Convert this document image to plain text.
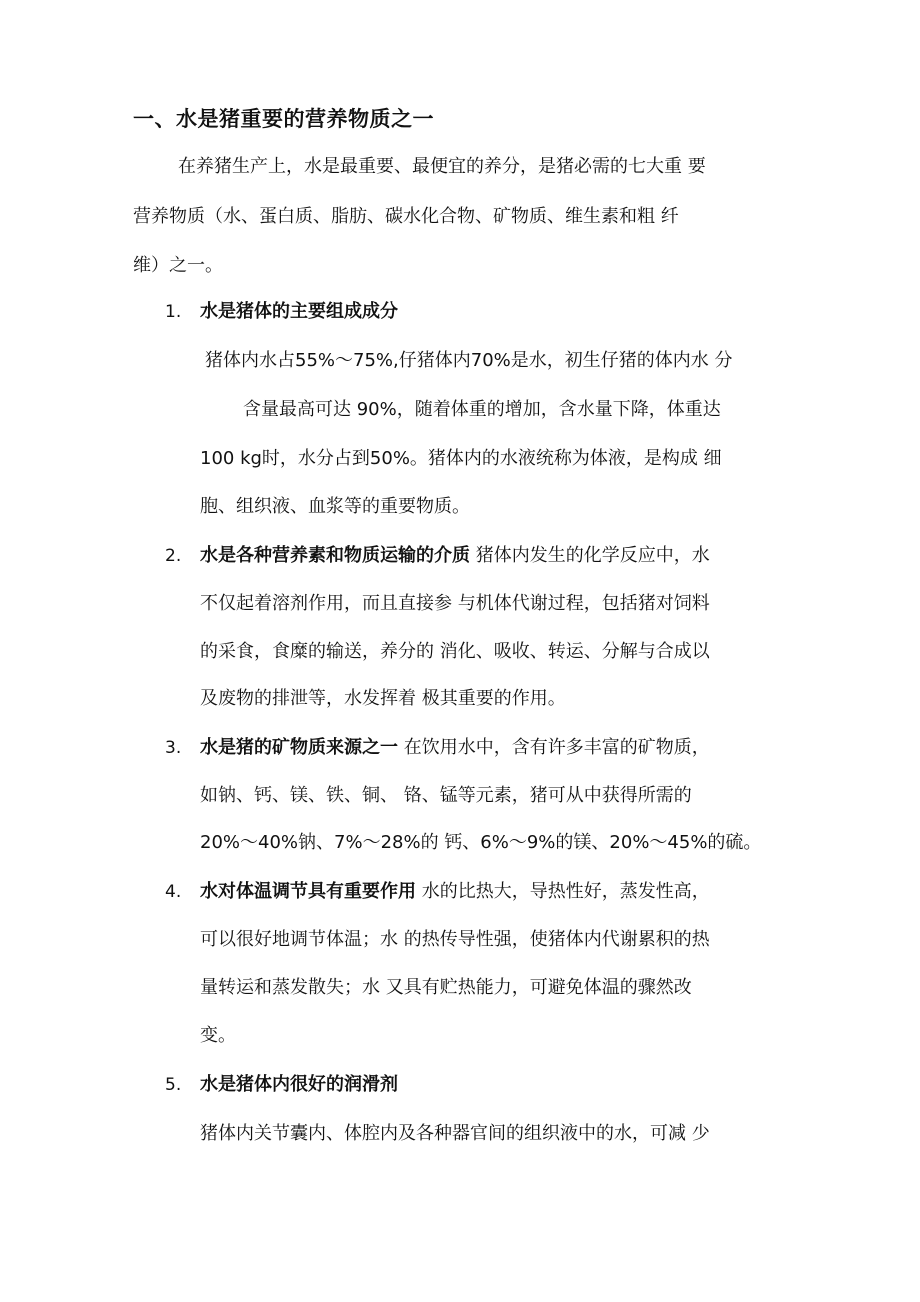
一、水是猪重要的营养物质之一
在养猪生产上，水是最重要、最便宜的养分，是猪必需的七大重 要
营养物质（水、蛋白质、脂肪、碳水化合物、矿物质、维生素和粗 纤
维）之一。
1. 水是猪体的主要组成成分
猪体内水占55%〜75%,仔猪体内70%是水，初生仔猪的体内水 分
含量最高可达 90%，随着体重的增加，含水量下降，体重达
100 kg时，水分占到50%。猪体内的水液统称为体液，是构成 细
胞、组织液、血浆等的重要物质。
2. 水是各种营养素和物质运输的介质 猪体内发生的化学反应中，水
不仅起着溶剂作用，而且直接参 与机体代谢过程，包括猪对饲料
的采食，食糜的输送，养分的 消化、吸收、转运、分解与合成以
及废物的排泄等，水发挥着 极其重要的作用。
3. 水是猪的矿物质来源之一 在饮用水中，含有许多丰富的矿物质，
如钠、钙、镁、铁、铜、 铬、锰等元素，猪可从中获得所需的
20%〜40%钠、7%〜28%的 钙、6%〜9%的镁、20%〜45%的硫。
4. 水对体温调节具有重要作用 水的比热大，导热性好，蒸发性高，
可以很好地调节体温；水 的热传导性强，使猪体内代谢累积的热
量转运和蒸发散失；水 又具有贮热能力，可避免体温的骤然改
变。
5. 水是猪体内很好的润滑剂
猪体内关节囊内、体腔内及各种器官间的组织液中的水，可减 少
